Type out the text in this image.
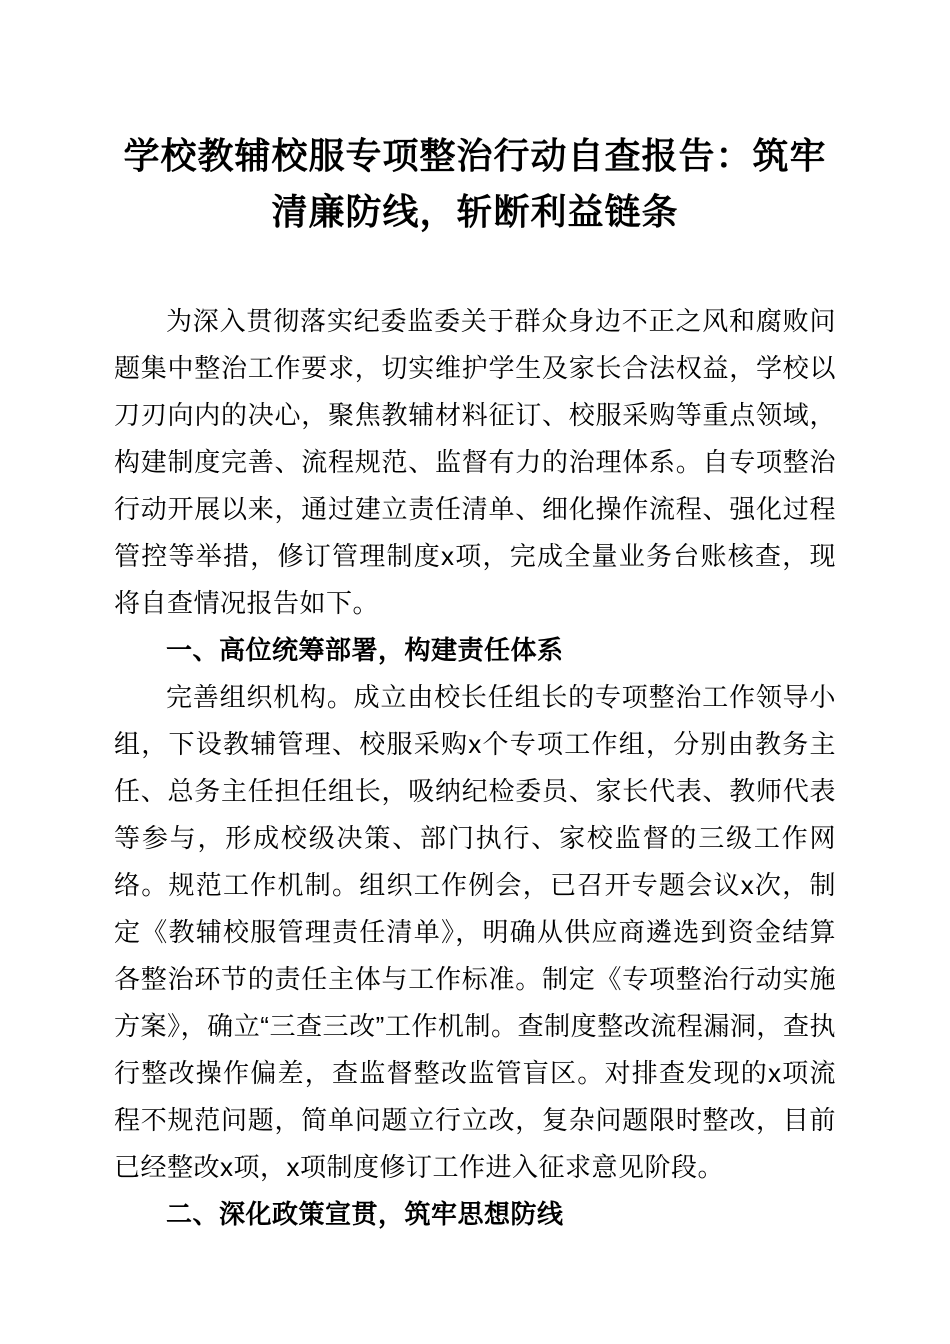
学校教辅校服专项整治行动自查报告：筑牢清廉防线，斩断利益链条

为深入贯彻落实纪委监委关于群众身边不正之风和腐败问题集中整治工作要求，切实维护学生及家长合法权益，学校以刀刃向内的决心，聚焦教辅材料征订、校服采购等重点领域，构建制度完善、流程规范、监督有力的治理体系。自专项整治行动开展以来，通过建立责任清单、细化操作流程、强化过程管控等举措，修订管理制度x项，完成全量业务台账核查，现将自查情况报告如下。

一、高位统筹部署，构建责任体系

完善组织机构。成立由校长任组长的专项整治工作领导小组，下设教辅管理、校服采购x个专项工作组，分别由教务主任、总务主任担任组长，吸纳纪检委员、家长代表、教师代表等参与，形成校级决策、部门执行、家校监督的三级工作网络。规范工作机制。组织工作例会，已召开专题会议x次，制定《教辅校服管理责任清单》，明确从供应商遴选到资金结算各整治环节的责任主体与工作标准。制定《专项整治行动实施方案》，确立“三查三改”工作机制。查制度整改流程漏洞，查执行整改操作偏差，查监督整改监管盲区。对排查发现的x项流程不规范问题，简单问题立行立改，复杂问题限时整改，目前已经整改x项，x项制度修订工作进入征求意见阶段。

二、深化政策宣贯，筑牢思想防线
